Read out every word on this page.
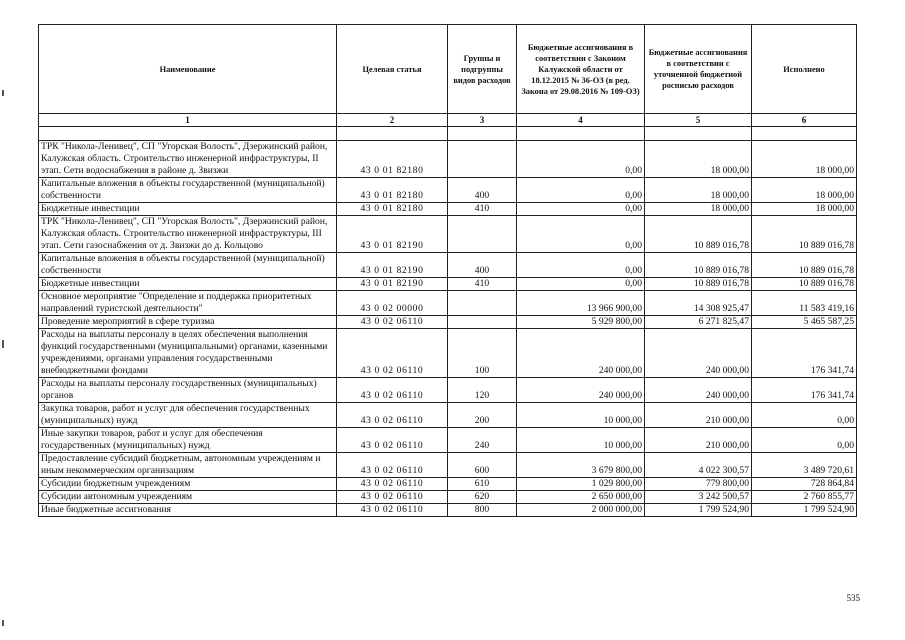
Наименование	Целевая статья	Группы и подгруппы видов расходов	Бюджетные ассигнования в соответствии с Законом Калужской области от 18.12.2015 № 36-ОЗ (в ред. Закона от 29.08.2016 № 109-ОЗ)	Бюджетные ассигнования в соответствии с уточненной бюджетной росписью расходов	Исполнено
1	2	3	4	5	6

ТРК "Никола-Ленивец", СП "Угорская Волость", Дзержинский район, Калужская область. Строительство инженерной инфраструктуры, II этап. Сети водоснабжения в районе д. Звизжи	43 0 01 82180		0,00	18 000,00	18 000,00
Капитальные вложения в объекты государственной (муниципальной) собственности	43 0 01 82180	400	0,00	18 000,00	18 000,00
Бюджетные инвестиции	43 0 01 82180	410	0,00	18 000,00	18 000,00
ТРК "Никола-Ленивец", СП "Угорская Волость", Дзержинский район, Калужская область. Строительство инженерной инфраструктуры, III этап. Сети газоснабжения от д. Звизжи до д. Кольцово	43 0 01 82190		0,00	10 889 016,78	10 889 016,78
Капитальные вложения в объекты государственной (муниципальной) собственности	43 0 01 82190	400	0,00	10 889 016,78	10 889 016,78
Бюджетные инвестиции	43 0 01 82190	410	0,00	10 889 016,78	10 889 016,78
Основное мероприятие "Определение и поддержка приоритетных направлений туристской деятельности"	43 0 02 00000		13 966 900,00	14 308 925,47	11 583 419,16
Проведение мероприятий в сфере туризма	43 0 02 06110		5 929 800,00	6 271 825,47	5 465 587,25
Расходы на выплаты персоналу в целях обеспечения выполнения функций государственными (муниципальными) органами, казенными учреждениями, органами управления государственными внебюджетными фондами	43 0 02 06110	100	240 000,00	240 000,00	176 341,74
Расходы на выплаты персоналу государственных (муниципальных) органов	43 0 02 06110	120	240 000,00	240 000,00	176 341,74
Закупка товаров, работ и услуг для обеспечения государственных (муниципальных) нужд	43 0 02 06110	200	10 000,00	210 000,00	0,00
Иные закупки товаров, работ и услуг для обеспечения государственных (муниципальных) нужд	43 0 02 06110	240	10 000,00	210 000,00	0,00
Предоставление субсидий бюджетным, автономным учреждениям и иным некоммерческим организациям	43 0 02 06110	600	3 679 800,00	4 022 300,57	3 489 720,61
Субсидии бюджетным учреждениям	43 0 02 06110	610	1 029 800,00	779 800,00	728 864,84
Субсидии автономным учреждениям	43 0 02 06110	620	2 650 000,00	3 242 500,57	2 760 855,77
Иные бюджетные ассигнования	43 0 02 06110	800	2 000 000,00	1 799 524,90	1 799 524,90
535
